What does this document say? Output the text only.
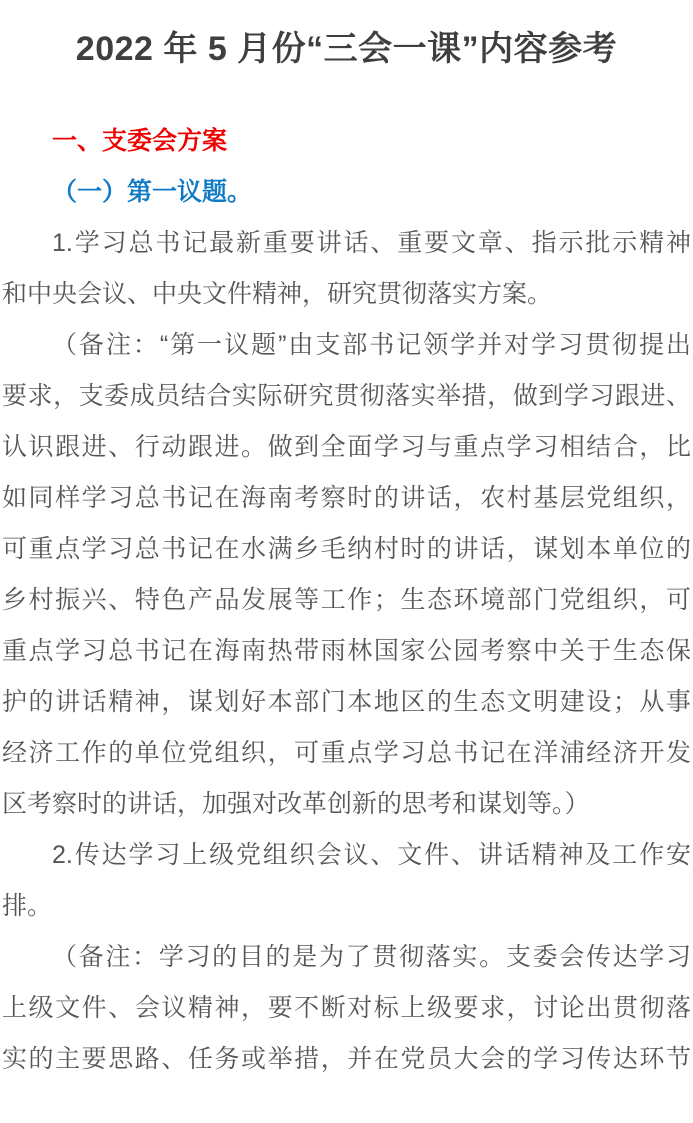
2022 年 5 月份“三会一课”内容参考
一、支委会方案
（一）第一议题。
1.学习总书记最新重要讲话、重要文章、指示批示精神
和中央会议、中央文件精神，研究贯彻落实方案。
（备注：“第一议题”由支部书记领学并对学习贯彻提出
要求，支委成员结合实际研究贯彻落实举措，做到学习跟进、
认识跟进、行动跟进。做到全面学习与重点学习相结合，比
如同样学习总书记在海南考察时的讲话，农村基层党组织，
可重点学习总书记在水满乡毛纳村时的讲话，谋划本单位的
乡村振兴、特色产品发展等工作；生态环境部门党组织，可
重点学习总书记在海南热带雨林国家公园考察中关于生态保
护的讲话精神，谋划好本部门本地区的生态文明建设；从事
经济工作的单位党组织，可重点学习总书记在洋浦经济开发
区考察时的讲话，加强对改革创新的思考和谋划等。）
2.传达学习上级党组织会议、文件、讲话精神及工作安
排。
（备注：学习的目的是为了贯彻落实。支委会传达学习
上级文件、会议精神，要不断对标上级要求，讨论出贯彻落
实的主要思路、任务或举措，并在党员大会的学习传达环节
